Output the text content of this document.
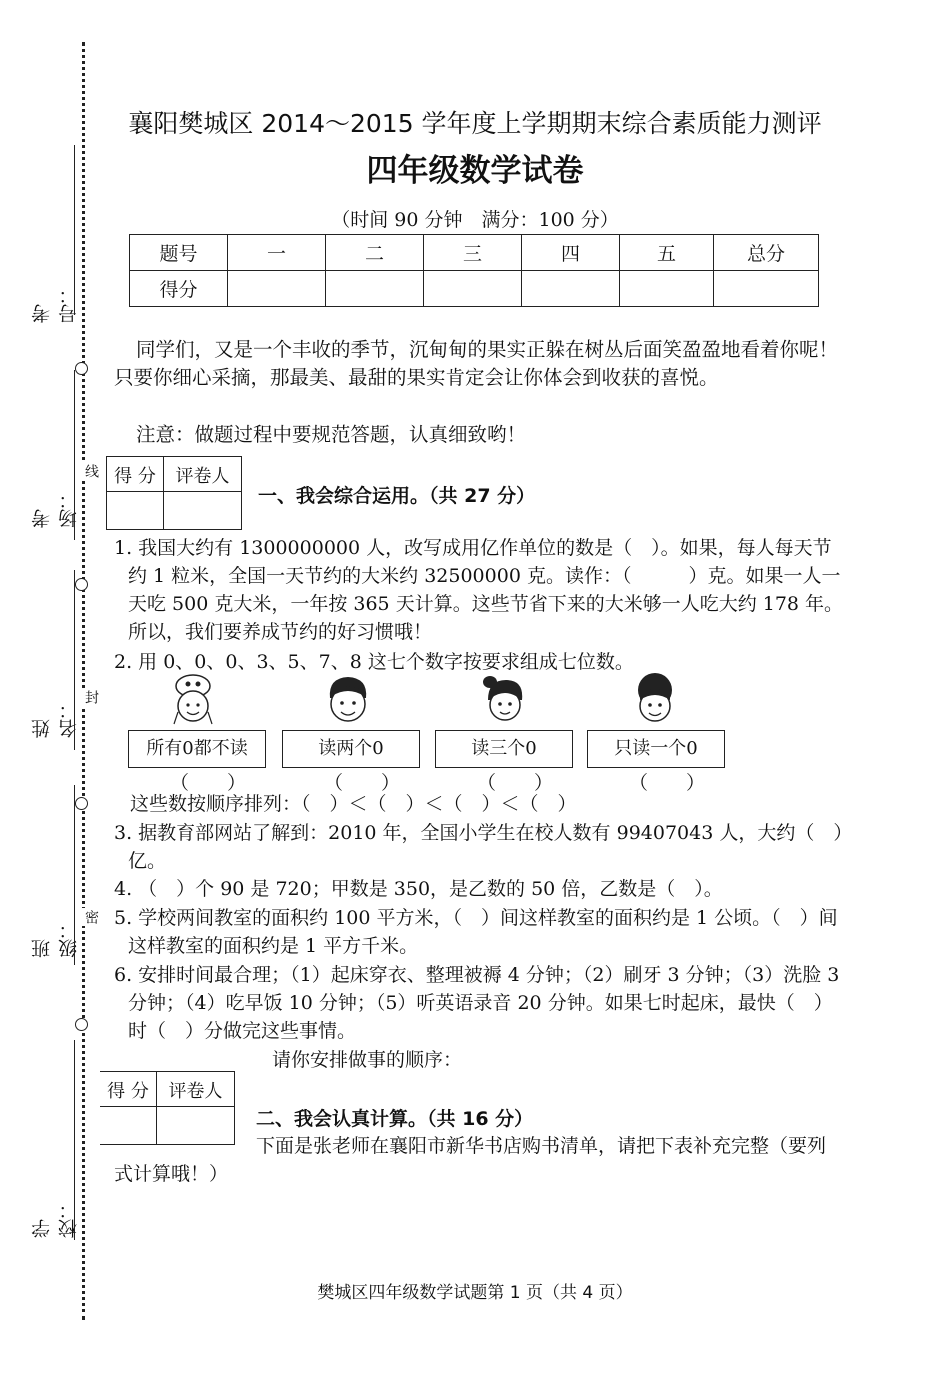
考号：
线
考场：
封
姓名：
密
班级：
学校：
襄阳樊城区 2014～2015 学年度上学期期末综合素质能力测评
四年级数学试卷
（时间 90 分钟　满分：100 分）
题号	一	二	三	四	五	总分
得分						
同学们，又是一个丰收的季节，沉甸甸的果实正躲在树丛后面笑盈盈地看着你呢！只要你细心采摘，那最美、最甜的果实肯定会让你体会到收获的喜悦。
注意：做题过程中要规范答题，认真细致哟！
得 分	评卷人
一、我会综合运用。（共 27 分）
1. 我国大约有 1300000000 人，改写成用亿作单位的数是（　）。如果，每人每天节约 1 粒米，全国一天节约的大米约 32500000 克。读作：（　　　）克。如果一人一天吃 500 克大米，一年按 365 天计算。这些节省下来的大米够一人吃大约 178 年。所以，我们要养成节约的好习惯哦！
2. 用 0、0、0、3、5、7、8 这七个数字按要求组成七位数。
所有0都不读	读两个0	读三个0	只读一个0
（　　）	（　　）	（　　）	（　　）
这些数按顺序排列：（　）＜（　）＜（　）＜（　）
3. 据教育部网站了解到：2010 年，全国小学生在校人数有 99407043 人，大约（　）亿。
4. （　）个 90 是 720；甲数是 350，是乙数的 50 倍，乙数是（　）。
5. 学校两间教室的面积约 100 平方米，（　）间这样教室的面积约是 1 公顷。（　）间这样教室的面积约是 1 平方千米。
6. 安排时间最合理；（1）起床穿衣、整理被褥 4 分钟；（2）刷牙 3 分钟；（3）洗脸 3 分钟；（4）吃早饭 10 分钟；（5）听英语录音 20 分钟。如果七时起床，最快（　）时（　）分做完这些事情。
请你安排做事的顺序：
得 分	评卷人
二、我会认真计算。（共 16 分）
下面是张老师在襄阳市新华书店购书清单，请把下表补充完整（要列式计算哦！）
樊城区四年级数学试题第 1 页（共 4 页）
